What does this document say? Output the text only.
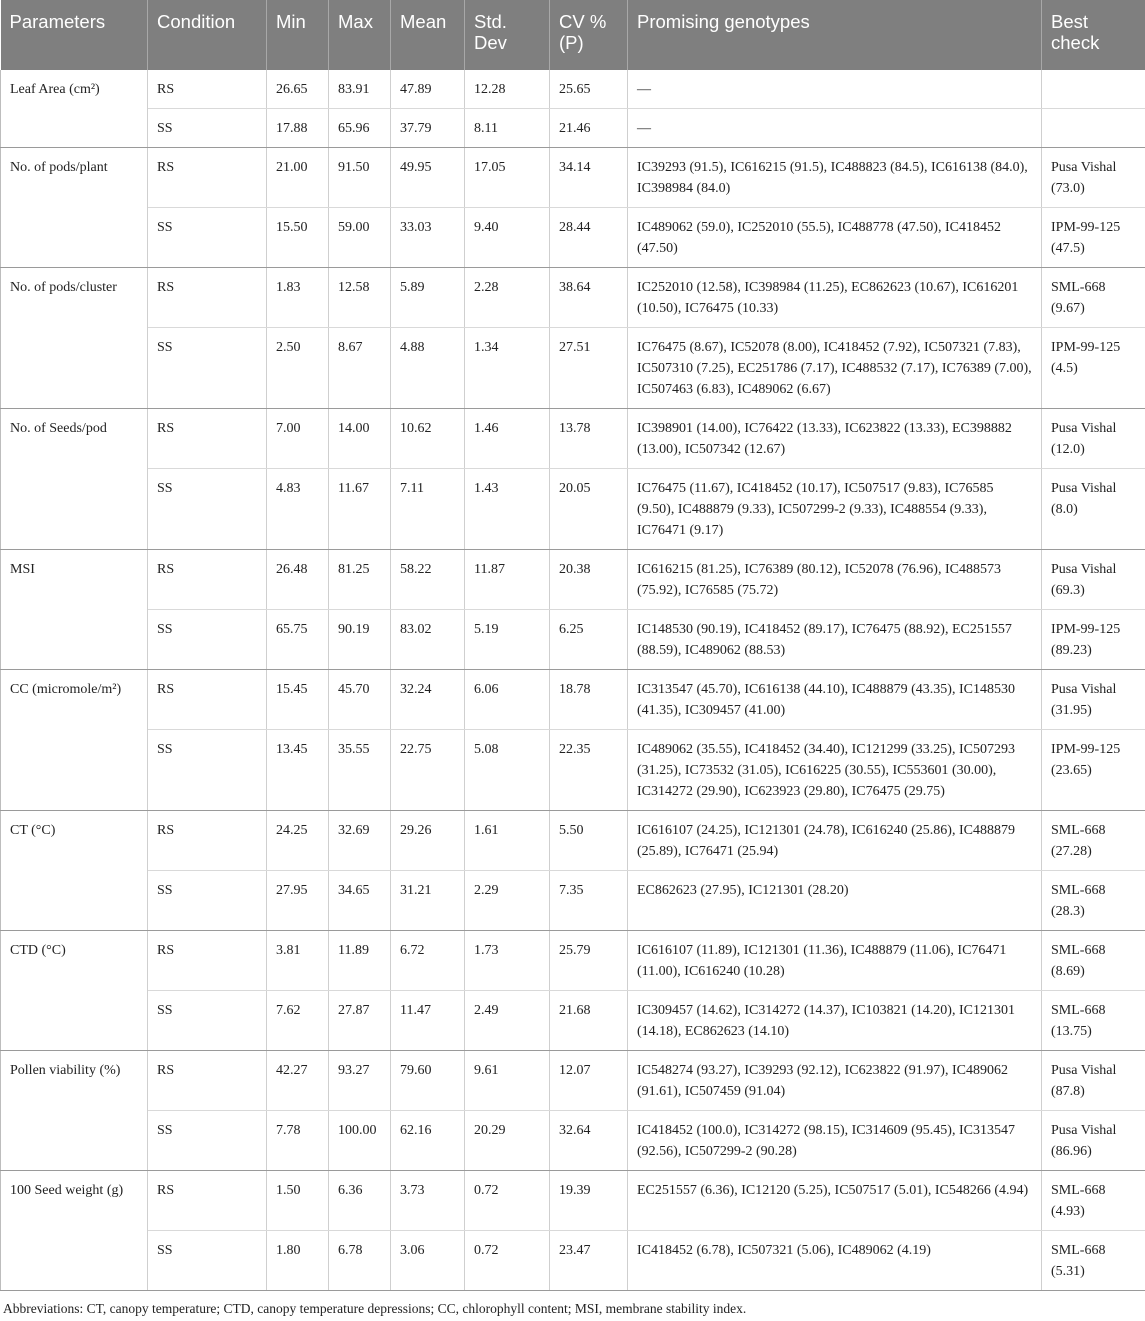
Parameters	Condition	Min	Max	Mean	Std. Dev	CV % (P)	Promising genotypes	Best check
Leaf Area (cm²)	RS	26.65	83.91	47.89	12.28	25.65	—	
	SS	17.88	65.96	37.79	8.11	21.46	—	
No. of pods/plant	RS	21.00	91.50	49.95	17.05	34.14	IC39293 (91.5), IC616215 (91.5), IC488823 (84.5), IC616138 (84.0), IC398984 (84.0)	Pusa Vishal (73.0)
	SS	15.50	59.00	33.03	9.40	28.44	IC489062 (59.0), IC252010 (55.5), IC488778 (47.50), IC418452 (47.50)	IPM-99-125 (47.5)
No. of pods/cluster	RS	1.83	12.58	5.89	2.28	38.64	IC252010 (12.58), IC398984 (11.25), EC862623 (10.67), IC616201 (10.50), IC76475 (10.33)	SML-668 (9.67)
	SS	2.50	8.67	4.88	1.34	27.51	IC76475 (8.67), IC52078 (8.00), IC418452 (7.92), IC507321 (7.83), IC507310 (7.25), EC251786 (7.17), IC488532 (7.17), IC76389 (7.00), IC507463 (6.83), IC489062 (6.67)	IPM-99-125 (4.5)
No. of Seeds/pod	RS	7.00	14.00	10.62	1.46	13.78	IC398901 (14.00), IC76422 (13.33), IC623822 (13.33), EC398882 (13.00), IC507342 (12.67)	Pusa Vishal (12.0)
	SS	4.83	11.67	7.11	1.43	20.05	IC76475 (11.67), IC418452 (10.17), IC507517 (9.83), IC76585 (9.50), IC488879 (9.33), IC507299-2 (9.33), IC488554 (9.33), IC76471 (9.17)	Pusa Vishal (8.0)
MSI	RS	26.48	81.25	58.22	11.87	20.38	IC616215 (81.25), IC76389 (80.12), IC52078 (76.96), IC488573 (75.92), IC76585 (75.72)	Pusa Vishal (69.3)
	SS	65.75	90.19	83.02	5.19	6.25	IC148530 (90.19), IC418452 (89.17), IC76475 (88.92), EC251557 (88.59), IC489062 (88.53)	IPM-99-125 (89.23)
CC (micromole/m²)	RS	15.45	45.70	32.24	6.06	18.78	IC313547 (45.70), IC616138 (44.10), IC488879 (43.35), IC148530 (41.35), IC309457 (41.00)	Pusa Vishal (31.95)
	SS	13.45	35.55	22.75	5.08	22.35	IC489062 (35.55), IC418452 (34.40), IC121299 (33.25), IC507293 (31.25), IC73532 (31.05), IC616225 (30.55), IC553601 (30.00), IC314272 (29.90), IC623923 (29.80), IC76475 (29.75)	IPM-99-125 (23.65)
CT (°C)	RS	24.25	32.69	29.26	1.61	5.50	IC616107 (24.25), IC121301 (24.78), IC616240 (25.86), IC488879 (25.89), IC76471 (25.94)	SML-668 (27.28)
	SS	27.95	34.65	31.21	2.29	7.35	EC862623 (27.95), IC121301 (28.20)	SML-668 (28.3)
CTD (°C)	RS	3.81	11.89	6.72	1.73	25.79	IC616107 (11.89), IC121301 (11.36), IC488879 (11.06), IC76471 (11.00), IC616240 (10.28)	SML-668 (8.69)
	SS	7.62	27.87	11.47	2.49	21.68	IC309457 (14.62), IC314272 (14.37), IC103821 (14.20), IC121301 (14.18), EC862623 (14.10)	SML-668 (13.75)
Pollen viability (%)	RS	42.27	93.27	79.60	9.61	12.07	IC548274 (93.27), IC39293 (92.12), IC623822 (91.97), IC489062 (91.61), IC507459 (91.04)	Pusa Vishal (87.8)
	SS	7.78	100.00	62.16	20.29	32.64	IC418452 (100.0), IC314272 (98.15), IC314609 (95.45), IC313547 (92.56), IC507299-2 (90.28)	Pusa Vishal (86.96)
100 Seed weight (g)	RS	1.50	6.36	3.73	0.72	19.39	EC251557 (6.36), IC12120 (5.25), IC507517 (5.01), IC548266 (4.94)	SML-668 (4.93)
	SS	1.80	6.78	3.06	0.72	23.47	IC418452 (6.78), IC507321 (5.06), IC489062 (4.19)	SML-668 (5.31)
Abbreviations: CT, canopy temperature; CTD, canopy temperature depressions; CC, chlorophyll content; MSI, membrane stability index.
